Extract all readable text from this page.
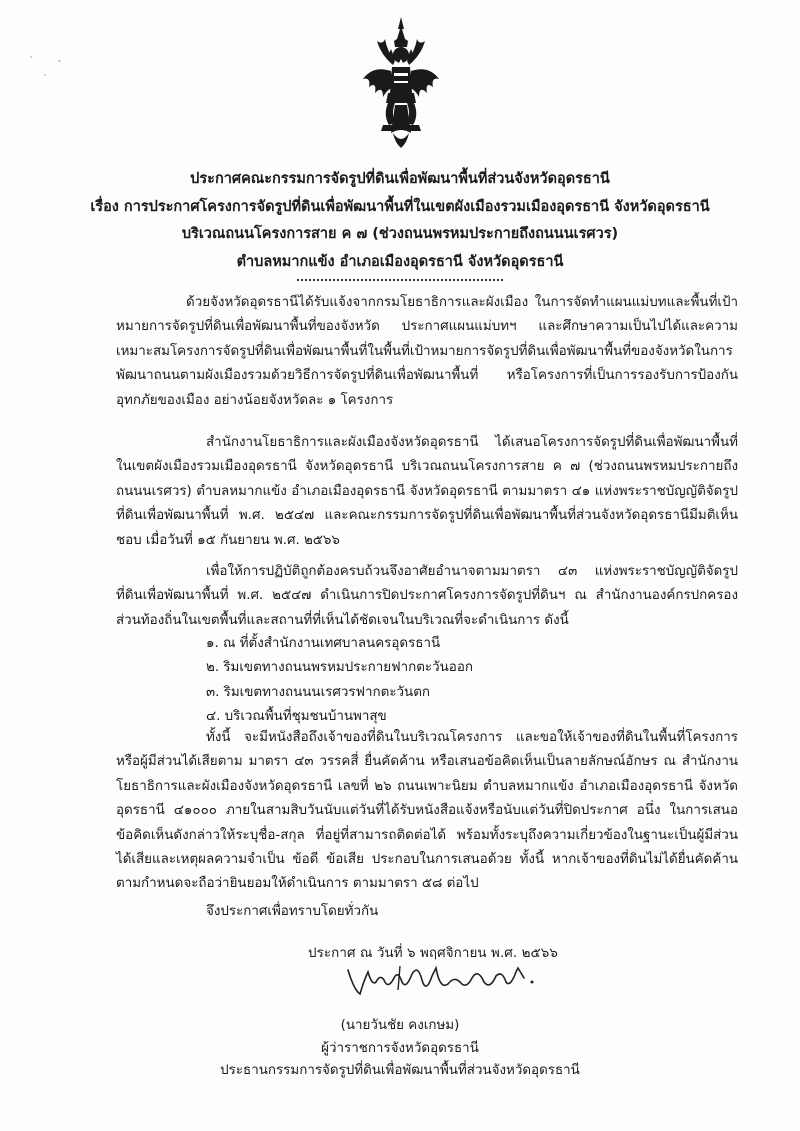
ประกาศคณะกรรมการจัดรูปที่ดินเพื่อพัฒนาพื้นที่ส่วนจังหวัดอุดรธานี
เรื่อง การประกาศโครงการจัดรูปที่ดินเพื่อพัฒนาพื้นที่ในเขตผังเมืองรวมเมืองอุดรธานี จังหวัดอุดรธานี
บริเวณถนนโครงการสาย ค ๗ (ช่วงถนนพรหมประกายถึงถนนนเรศวร)
ตำบลหมากแข้ง อำเภอเมืองอุดรธานี จังหวัดอุดรธานี
ด้วยจังหวัดอุดรธานีได้รับแจ้งจากกรมโยธาธิการและผังเมือง ในการจัดทำแผนแม่บทและพื้นที่เป้าหมายการจัดรูปที่ดินเพื่อพัฒนาพื้นที่ของจังหวัด ประกาศแผนแม่บทฯ และศึกษาความเป็นไปได้และความเหมาะสมโครงการจัดรูปที่ดินเพื่อพัฒนาพื้นที่ในพื้นที่เป้าหมายการจัดรูปที่ดินเพื่อพัฒนาพื้นที่ของจังหวัดในการพัฒนาถนนตามผังเมืองรวมด้วยวิธีการจัดรูปที่ดินเพื่อพัฒนาพื้นที่ หรือโครงการที่เป็นการรองรับการป้องกันอุทกภัยของเมือง อย่างน้อยจังหวัดละ ๑ โครงการ
สำนักงานโยธาธิการและผังเมืองจังหวัดอุดรธานี ได้เสนอโครงการจัดรูปที่ดินเพื่อพัฒนาพื้นที่ในเขตผังเมืองรวมเมืองอุดรธานี จังหวัดอุดรธานี บริเวณถนนโครงการสาย ค ๗ (ช่วงถนนพรหมประกายถึงถนนนเรศวร) ตำบลหมากแข้ง อำเภอเมืองอุดรธานี จังหวัดอุดรธานี ตามมาตรา ๔๑ แห่งพระราชบัญญัติจัดรูปที่ดินเพื่อพัฒนาพื้นที่ พ.ศ. ๒๕๔๗ และคณะกรรมการจัดรูปที่ดินเพื่อพัฒนาพื้นที่ส่วนจังหวัดอุดรธานีมีมติเห็นชอบ เมื่อวันที่ ๑๕ กันยายน พ.ศ. ๒๕๖๖
เพื่อให้การปฏิบัติถูกต้องครบถ้วนจึงอาศัยอำนาจตามมาตรา ๔๓ แห่งพระราชบัญญัติจัดรูปที่ดินเพื่อพัฒนาพื้นที่ พ.ศ. ๒๕๔๗ ดำเนินการปิดประกาศโครงการจัดรูปที่ดินฯ ณ สำนักงานองค์กรปกครองส่วนท้องถิ่นในเขตพื้นที่และสถานที่ที่เห็นได้ชัดเจนในบริเวณที่จะดำเนินการ ดังนี้
๑. ณ ที่ตั้งสำนักงานเทศบาลนครอุดรธานี
๒. ริมเขตทางถนนพรหมประกายฟากตะวันออก
๓. ริมเขตทางถนนนเรศวรฟากตะวันตก
๔. บริเวณพื้นที่ชุมชนบ้านพาสุข
ทั้งนี้ จะมีหนังสือถึงเจ้าของที่ดินในบริเวณโครงการ และขอให้เจ้าของที่ดินในพื้นที่โครงการหรือผู้มีส่วนได้เสียตาม มาตรา ๔๓ วรรคสี่ ยื่นคัดค้าน หรือเสนอข้อคิดเห็นเป็นลายลักษณ์อักษร ณ สำนักงานโยธาธิการและผังเมืองจังหวัดอุดรธานี เลขที่ ๒๖ ถนนเพาะนิยม ตำบลหมากแข้ง อำเภอเมืองอุดรธานี จังหวัดอุดรธานี ๔๑๐๐๐ ภายในสามสิบวันนับแต่วันที่ได้รับหนังสือแจ้งหรือนับแต่วันที่ปิดประกาศ อนึ่ง ในการเสนอข้อคิดเห็นดังกล่าวให้ระบุชื่อ-สกุล ที่อยู่ที่สามารถติดต่อได้ พร้อมทั้งระบุถึงความเกี่ยวข้องในฐานะเป็นผู้มีส่วนได้เสียและเหตุผลความจำเป็น ข้อดี ข้อเสีย ประกอบในการเสนอด้วย ทั้งนี้ หากเจ้าของที่ดินไม่ได้ยื่นคัดค้านตามกำหนดจะถือว่ายินยอมให้ดำเนินการ ตามมาตรา ๕๘ ต่อไป
จึงประกาศเพื่อทราบโดยทั่วกัน
ประกาศ ณ วันที่ ๖ พฤศจิกายน พ.ศ. ๒๕๖๖
(นายวันชัย คงเกษม)
ผู้ว่าราชการจังหวัดอุดรธานี
ประธานกรรมการจัดรูปที่ดินเพื่อพัฒนาพื้นที่ส่วนจังหวัดอุดรธานี
